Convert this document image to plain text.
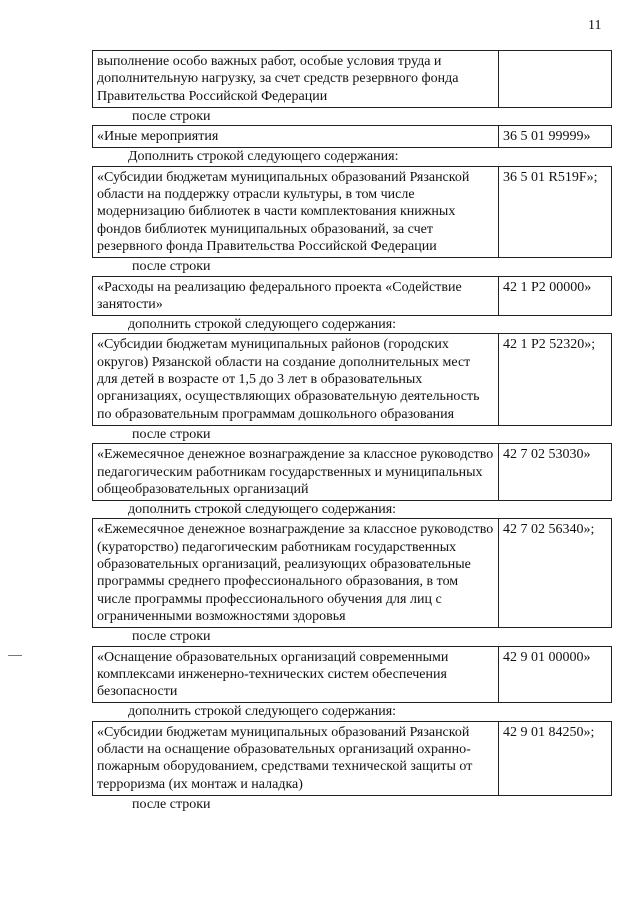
11
выполнение особо важных работ, особые условия труда и дополнительную нагрузку, за счет средств резервного фонда Правительства Российской Федерации
после строки
«Иные мероприятия	36 5 01 99999»
Дополнить строкой следующего содержания:
«Субсидии бюджетам муниципальных образований Рязанской области на поддержку отрасли культуры, в том числе модернизацию библиотек в части комплектования книжных фондов библиотек муниципальных образований, за счет резервного фонда Правительства Российской Федерации
36 5 01 R519F»;
после строки
«Расходы на реализацию федерального проекта «Содействие занятости»
42 1 P2 00000»
дополнить строкой следующего содержания:
«Субсидии бюджетам муниципальных районов (городских округов) Рязанской области на создание дополнительных мест для детей в возрасте от 1,5 до 3 лет в образовательных организациях, осуществляющих образовательную деятельность по образовательным программам дошкольного образования
42 1 P2 52320»;
после строки
«Ежемесячное денежное вознаграждение за классное руководство педагогическим работникам государственных и муниципальных общеобразовательных организаций
42 7 02 53030»
дополнить строкой следующего содержания:
«Ежемесячное денежное вознаграждение за классное руководство (кураторство) педагогическим работникам государственных образовательных организаций, реализующих образовательные программы среднего профессионального образования, в том числе программы профессионального обучения для лиц с ограниченными возможностями здоровья
42 7 02 56340»;
после строки
«Оснащение образовательных организаций современными комплексами инженерно-технических систем обеспечения безопасности
42 9 01 00000»
дополнить строкой следующего содержания:
«Субсидии бюджетам муниципальных образований Рязанской области на оснащение образовательных организаций охранно-пожарным оборудованием, средствами технической защиты от терроризма (их монтаж и наладка)
42 9 01 84250»;
после строки
